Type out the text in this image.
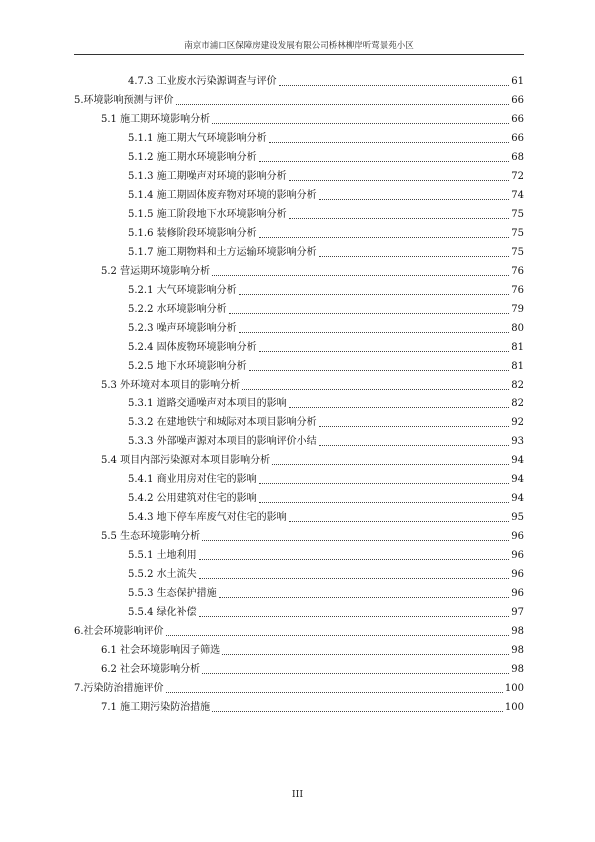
南京市浦口区保障房建设发展有限公司桥林柳岸听莺景苑小区
4.7.3 工业废水污染源调查与评价	61
5.环境影响预测与评价	66
5.1 施工期环境影响分析	66
5.1.1 施工期大气环境影响分析	66
5.1.2 施工期水环境影响分析	68
5.1.3 施工期噪声对环境的影响分析	72
5.1.4 施工期固体废弃物对环境的影响分析	74
5.1.5 施工阶段地下水环境影响分析	75
5.1.6 装修阶段环境影响分析	75
5.1.7 施工期物料和土方运输环境影响分析	75
5.2 营运期环境影响分析	76
5.2.1 大气环境影响分析	76
5.2.2 水环境影响分析	79
5.2.3 噪声环境影响分析	80
5.2.4 固体废物环境影响分析	81
5.2.5 地下水环境影响分析	81
5.3 外环境对本项目的影响分析	82
5.3.1 道路交通噪声对本项目的影响	82
5.3.2 在建地铁宁和城际对本项目影响分析	92
5.3.3 外部噪声源对本项目的影响评价小结	93
5.4 项目内部污染源对本项目影响分析	94
5.4.1 商业用房对住宅的影响	94
5.4.2 公用建筑对住宅的影响	94
5.4.3 地下停车库废气对住宅的影响	95
5.5 生态环境影响分析	96
5.5.1 土地利用	96
5.5.2 水土流失	96
5.5.3 生态保护措施	96
5.5.4 绿化补偿	97
6.社会环境影响评价	98
6.1 社会环境影响因子筛选	98
6.2 社会环境影响分析	98
7.污染防治措施评价	100
7.1 施工期污染防治措施	100
III
